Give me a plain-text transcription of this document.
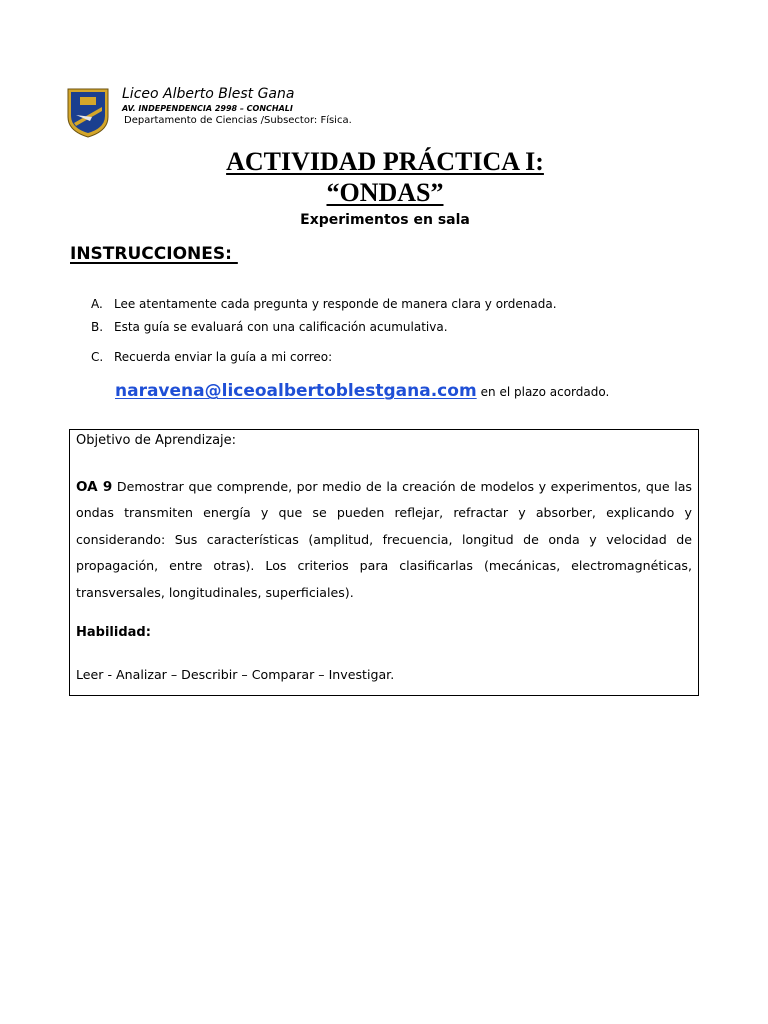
Liceo Alberto Blest Gana
AV. INDEPENDENCIA 2998 – CONCHALI
Departamento de Ciencias /Subsector: Física.
ACTIVIDAD PRÁCTICA I:
“ONDAS”
Experimentos en sala
INSTRUCCIONES:
A. Lee atentamente cada pregunta y responde de manera clara y ordenada.
B. Esta guía se evaluará con una calificación acumulativa.
C. Recuerda enviar la guía a mi correo:
naravena@liceoalbertoblestgana.com en el plazo acordado.
Objetivo de Aprendizaje:
OA 9 Demostrar que comprende, por medio de la creación de modelos y experimentos, que las ondas transmiten energía y que se pueden reflejar, refractar y absorber, explicando y considerando: Sus características (amplitud, frecuencia, longitud de onda y velocidad de propagación, entre otras). Los criterios para clasificarlas (mecánicas, electromagnéticas, transversales, longitudinales, superficiales).
Habilidad:
Leer - Analizar – Describir – Comparar – Investigar.
